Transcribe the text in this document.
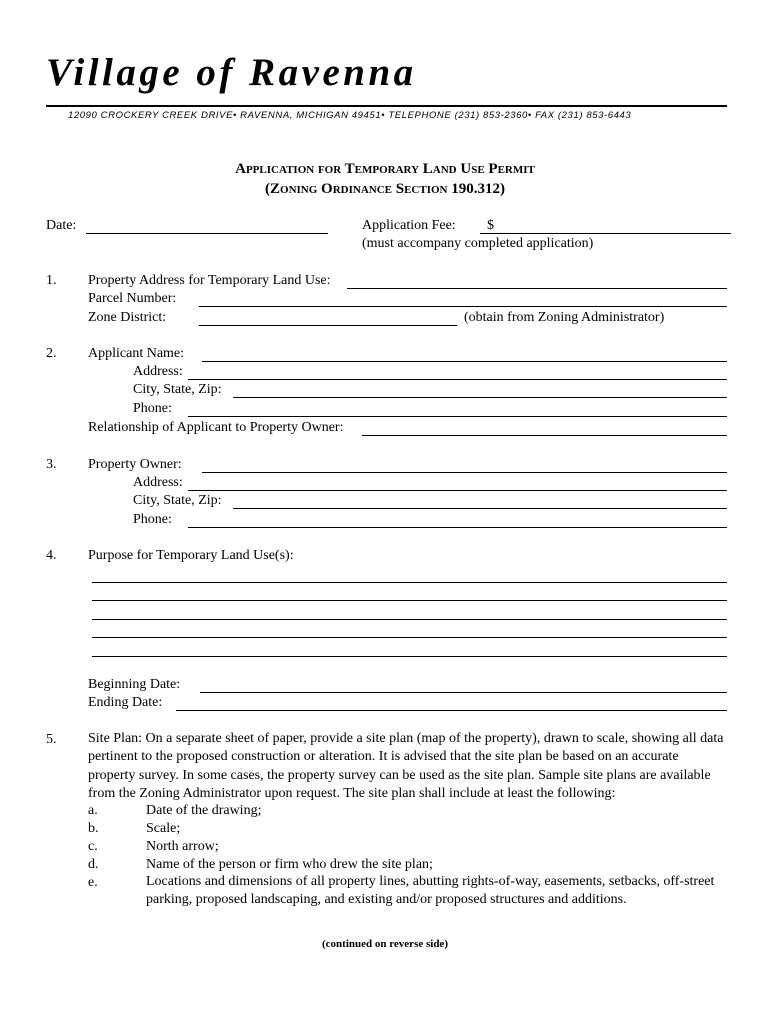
Village of Ravenna
12090 CROCKERY CREEK DRIVE• RAVENNA, MICHIGAN 49451• TELEPHONE (231) 853-2360• FAX (231) 853-6443
Application for Temporary Land Use Permit
(Zoning Ordinance Section 190.312)
Date:	Application Fee: $
(must accompany completed application)
1. Property Address for Temporary Land Use:
Parcel Number:
Zone District:	(obtain from Zoning Administrator)
2. Applicant Name:
Address:
City, State, Zip:
Phone:
Relationship of Applicant to Property Owner:
3. Property Owner:
Address:
City, State, Zip:
Phone:
4. Purpose for Temporary Land Use(s):
Beginning Date:
Ending Date:
5. Site Plan: On a separate sheet of paper, provide a site plan (map of the property), drawn to scale, showing all data pertinent to the proposed construction or alteration. It is advised that the site plan be based on an accurate property survey. In some cases, the property survey can be used as the site plan. Sample site plans are available from the Zoning Administrator upon request. The site plan shall include at least the following:
a.	Date of the drawing;
b.	Scale;
c.	North arrow;
d.	Name of the person or firm who drew the site plan;
e.	Locations and dimensions of all property lines, abutting rights-of-way, easements, setbacks, off-street parking, proposed landscaping, and existing and/or proposed structures and additions.
(continued on reverse side)
